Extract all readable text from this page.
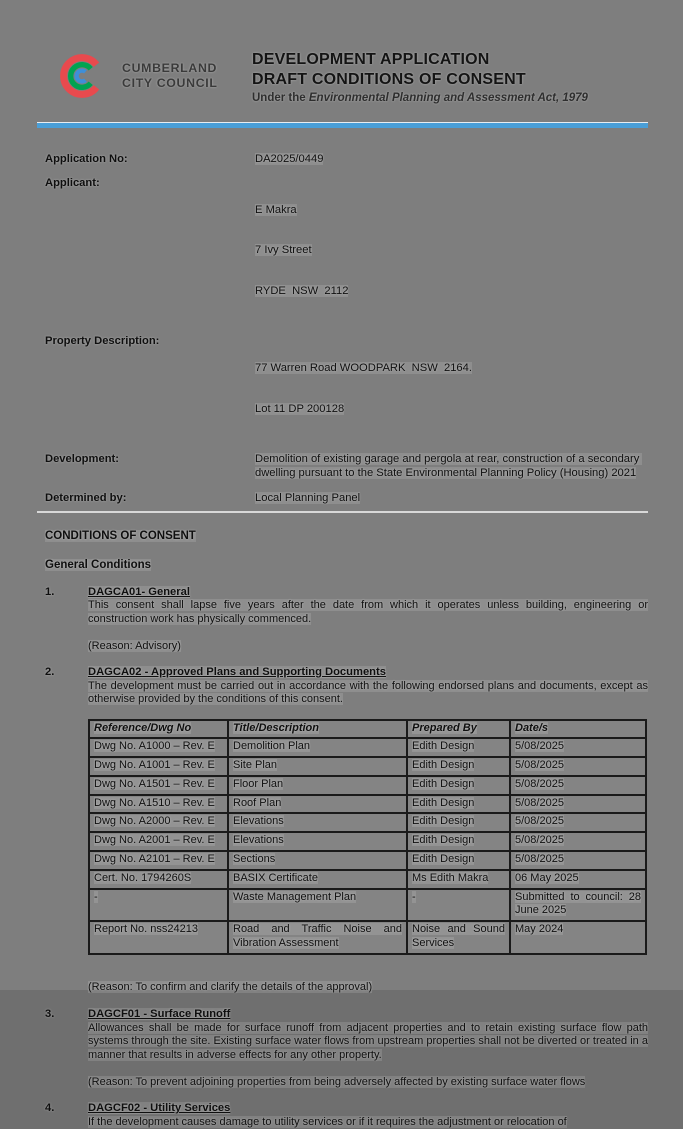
CUMBERLAND
CITY COUNCIL
DEVELOPMENT APPLICATION
DRAFT CONDITIONS OF CONSENT
Under the Environmental Planning and Assessment Act, 1979
Application No:	DA2025/0449
Applicant:

E Makra

7 Ivy Street

RYDE  NSW  2112

Property Description:

77 Warren Road WOODPARK  NSW  2164.

Lot 11 DP 200128

Development:	Demolition of existing garage and pergola at rear, construction of a secondary dwelling pursuant to the State Environmental Planning Policy (Housing) 2021
Determined by:	Local Planning Panel
CONDITIONS OF CONSENT
General Conditions
1.	DAGCA01- General

This consent shall lapse five years after the date from which it operates unless building, engineering or construction work has physically commenced.

(Reason: Advisory)

2.	DAGCA02 - Approved Plans and Supporting Documents

The development must be carried out in accordance with the following endorsed plans and documents, except as otherwise provided by the conditions of this consent.

Reference/Dwg No	Title/Description	Prepared By	Date/s
Dwg No. A1000 – Rev. E	Demolition Plan	Edith Design	5/08/2025
Dwg No. A1001 – Rev. E	Site Plan	Edith Design	5/08/2025
Dwg No. A1501 – Rev. E	Floor Plan	Edith Design	5/08/2025
Dwg No. A1510 – Rev. E	Roof Plan	Edith Design	5/08/2025
Dwg No. A2000 – Rev. E	Elevations	Edith Design	5/08/2025
Dwg No. A2001 – Rev. E	Elevations	Edith Design	5/08/2025
Dwg No. A2101 – Rev. E	Sections	Edith Design	5/08/2025
Cert. No. 1794260S	BASIX Certificate	Ms Edith Makra	06 May 2025
-	Waste Management Plan	-	Submitted to council: 28 June 2025
Report No. nss24213	Road and Traffic Noise and Vibration Assessment	Noise and Sound Services	May 2024

(Reason: To confirm and clarify the details of the approval)

3.	DAGCF01 - Surface Runoff

Allowances shall be made for surface runoff from adjacent properties and to retain existing surface flow path systems through the site. Existing surface water flows from upstream properties shall not be diverted or treated in a manner that results in adverse effects for any other property.

(Reason: To prevent adjoining properties from being adversely affected by existing surface water flows

4.	DAGCF02 - Utility Services

If the development causes damage to utility services or if it requires the adjustment or relocation of
